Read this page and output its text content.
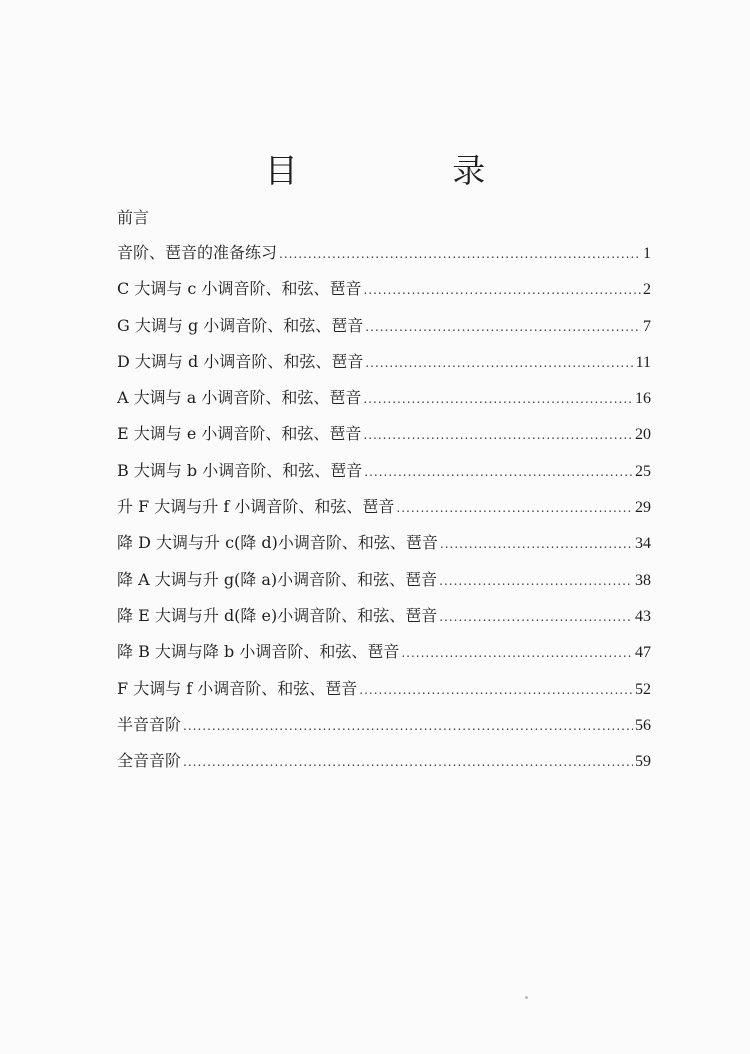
目 录
前言
音阶、琶音的准备练习 .....	1
C 大调与 c 小调音阶、和弦、琶音 .....	2
G 大调与 g 小调音阶、和弦、琶音 .....	7
D 大调与 d 小调音阶、和弦、琶音 .....	11
A 大调与 a 小调音阶、和弦、琶音 .....	16
E 大调与 e 小调音阶、和弦、琶音 .....	20
B 大调与 b 小调音阶、和弦、琶音 .....	25
升 F 大调与升 f 小调音阶、和弦、琶音 .....	29
降 D 大调与升 c(降 d)小调音阶、和弦、琶音 .....	34
降 A 大调与升 g(降 a)小调音阶、和弦、琶音 .....	38
降 E 大调与升 d(降 e)小调音阶、和弦、琶音 .....	43
降 B 大调与降 b 小调音阶、和弦、琶音 .....	47
F 大调与 f 小调音阶、和弦、琶音 .....	52
半音音阶 .....	56
全音音阶 .....	59
